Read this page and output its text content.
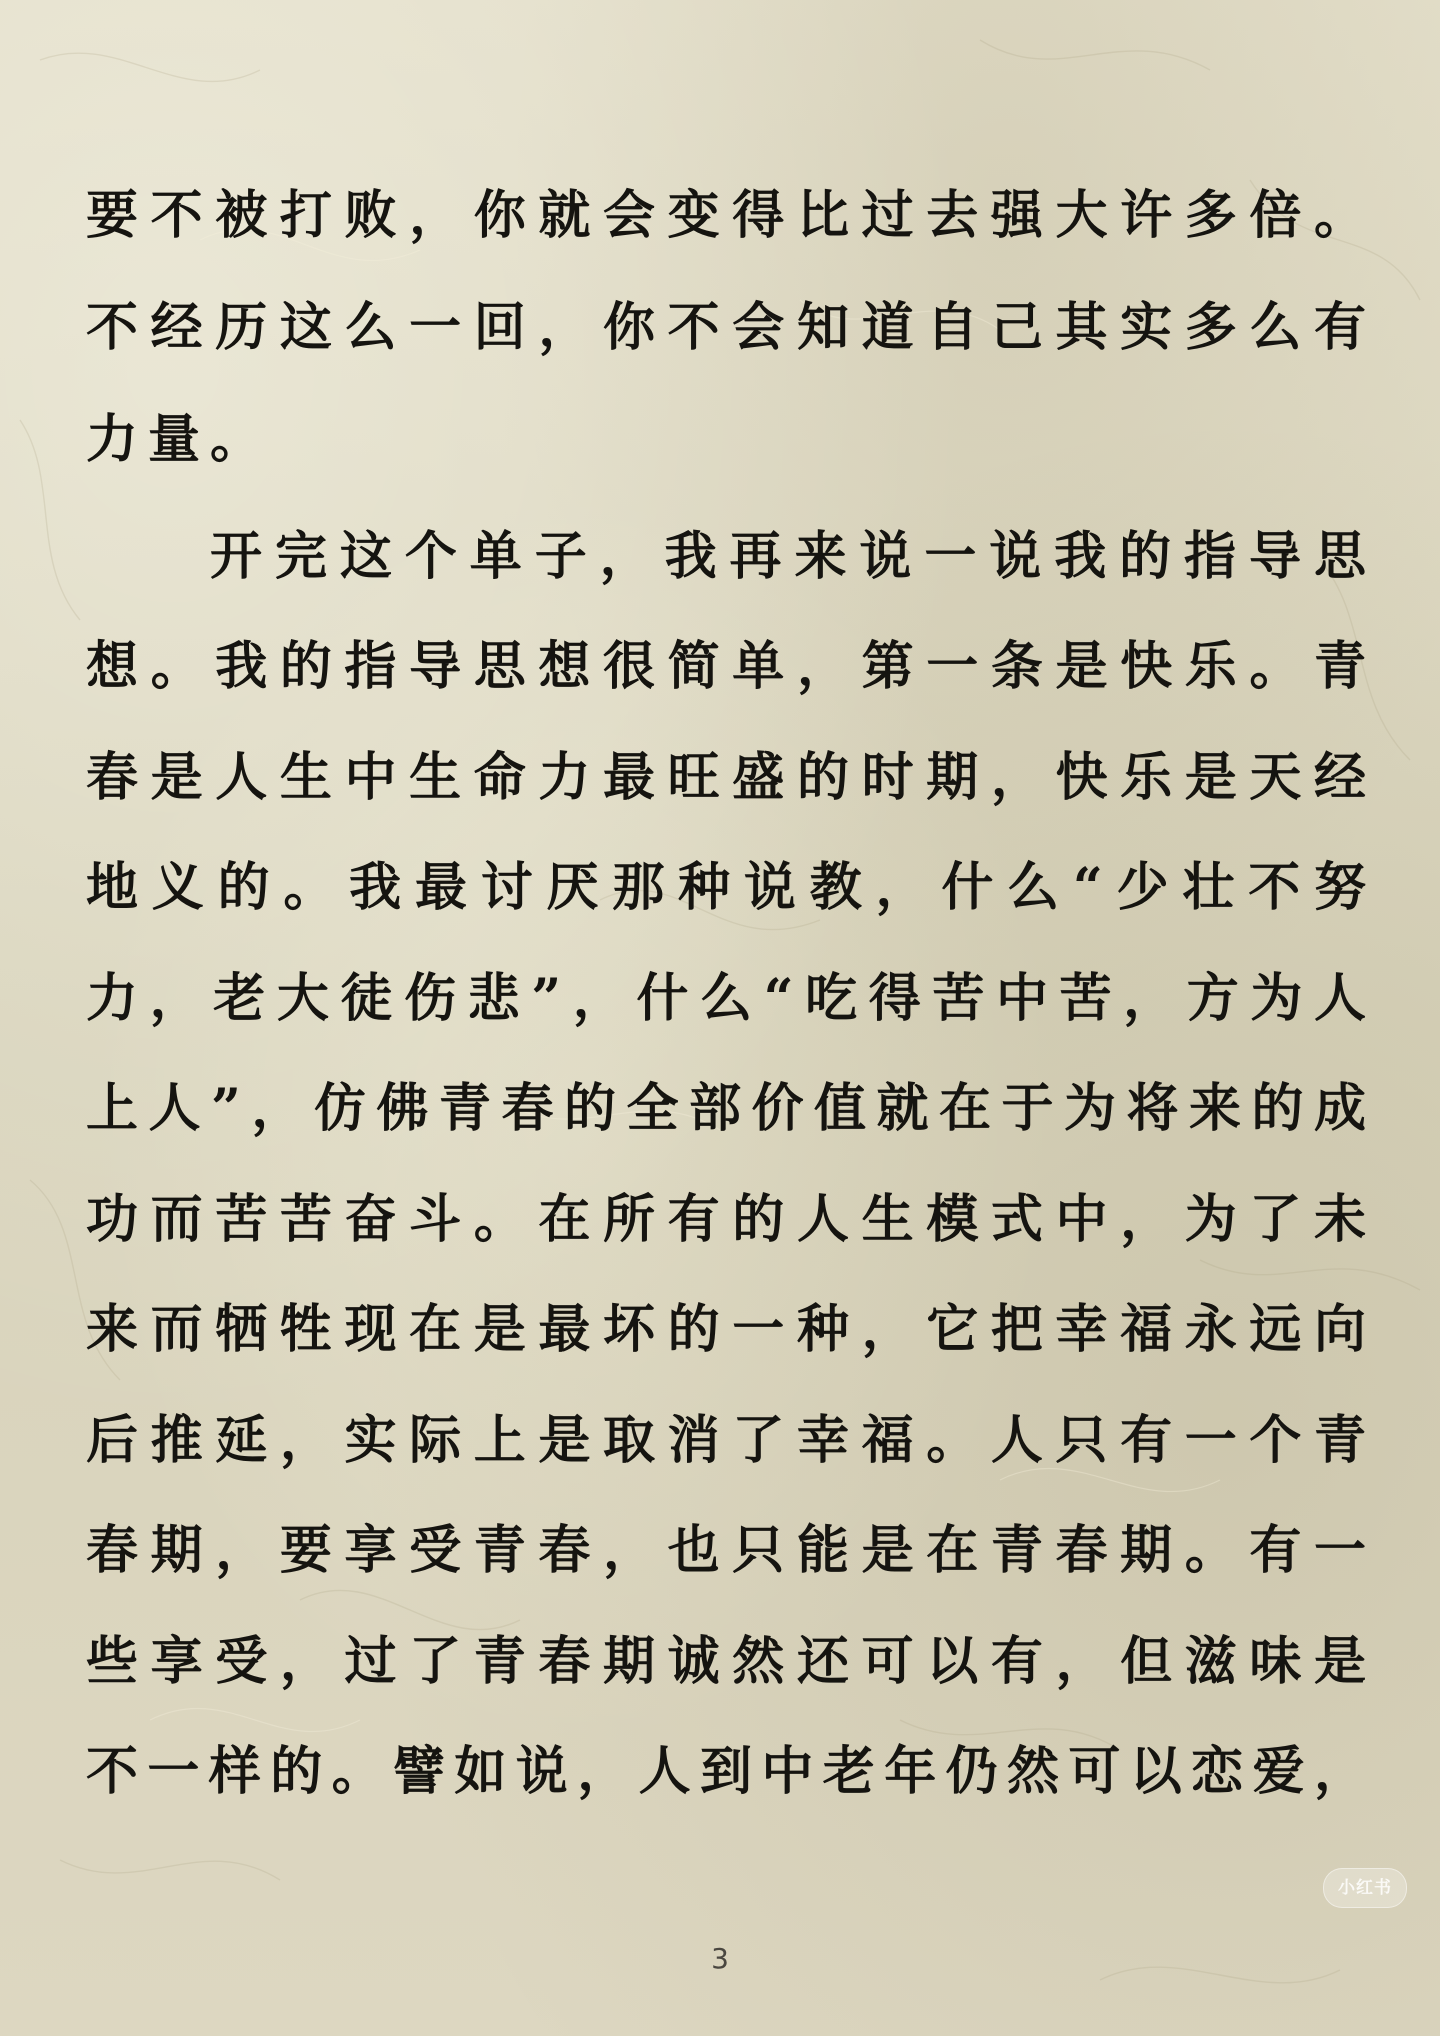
要不被打败，你就会变得比过去强大许多倍。
不经历这么一回，你不会知道自己其实多么有
力量。
开完这个单子，我再来说一说我的指导思
想。我的指导思想很简单，第一条是快乐。青
春是人生中生命力最旺盛的时期，快乐是天经
地义的。我最讨厌那种说教，什么“少壮不努
力，老大徒伤悲”，什么“吃得苦中苦，方为人
上人”，仿佛青春的全部价值就在于为将来的成
功而苦苦奋斗。在所有的人生模式中，为了未
来而牺牲现在是最坏的一种，它把幸福永远向
后推延，实际上是取消了幸福。人只有一个青
春期，要享受青春，也只能是在青春期。有一
些享受，过了青春期诚然还可以有，但滋味是
不一样的。譬如说，人到中老年仍然可以恋爱，
小红书
3
